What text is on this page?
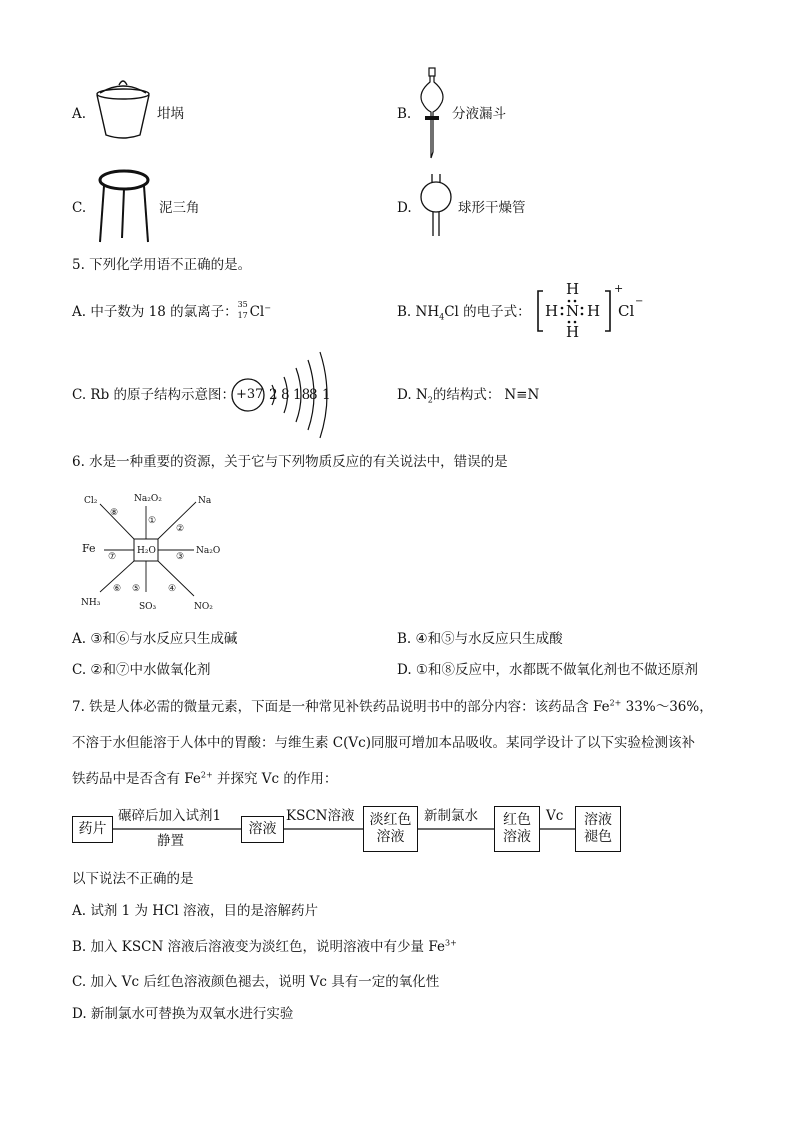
A.	坩埚	B.	分液漏斗
C.	泥三角	D.	球形干燥管
5. 下列化学用语不正确的是。
A. 中子数为 18 的氯离子： 35
17 Cl−	B. $NH_4Cl$ 的电子式：
H
H N H
H
+
Cl
−
C. Rb 的原子结构示意图： +37 2 8 18
8 1	D. $N_2$的结构式： N≡N
6. 水是一种重要的资源，关于它与下列物质反应的有关说法中，错误的是
H₂O
Na₂O₂
Cl₂	Na
Fe	Na₂O
NH₃	SO₃	NO₂
①
②
③
④
⑤
⑥
⑦
⑧
A. ③和⑥与水反应只生成碱	B. ④和⑤与水反应只生成酸
C. ②和⑦中水做氧化剂	D. ①和⑧反应中，水都既不做氧化剂也不做还原剂
7. 铁是人体必需的微量元素，下面是一种常见补铁药品说明书中的部分内容：该药品含 $Fe^{2+}$ 33%～36%，
不溶于水但能溶于人体中的胃酸：与维生素 C(Vc)同服可增加本品吸收。某同学设计了以下实验检测该补
铁药品中是否含有 $Fe^{2+}$ 并探究 Vc 的作用：
药片
碾碎后加入试剂1
静置
溶液
KSCN溶液 淡红色
溶液
新制氯水 红色
溶液
Vc 溶液
褪色
以下说法不正确的是
A. 试剂 1 为 HCl 溶液，目的是溶解药片
B. 加入 KSCN 溶液后溶液变为淡红色，说明溶液中有少量 $Fe^{3+}$
C. 加入 Vc 后红色溶液颜色褪去，说明 Vc 具有一定的氧化性
D. 新制氯水可替换为双氧水进行实验
